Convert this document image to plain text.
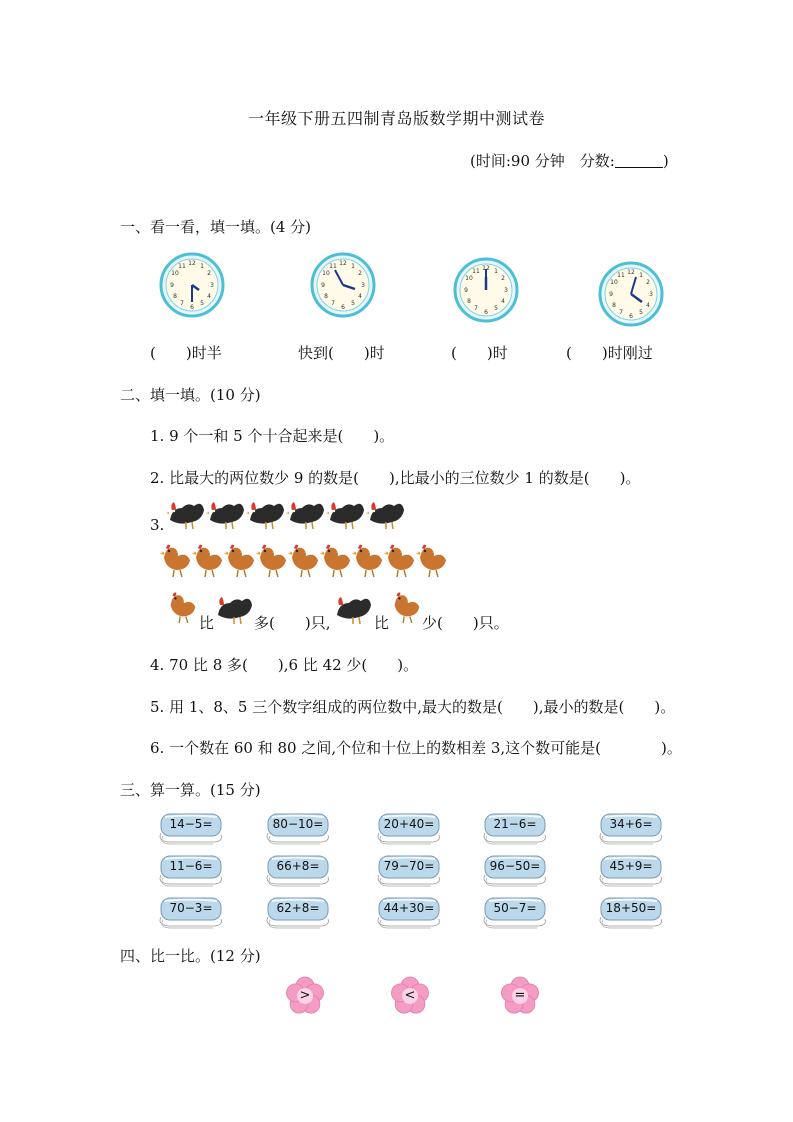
一年级下册五四制青岛版数学期中测试卷
(时间:90 分钟　分数:	)
一、看一看，填一填。(4 分)
12 1
2
3
4
5
6
7
8
9
10
11	12 1
2
3
4
5
6
7
8
9
10
11	12 1
2
3
4
5
6
7
8
9
10
11	12 1
2
3
4
5
6
7
8
9
10
11
(　　)时半	快到(　　)时	(　　)时	(　　)时刚过
二、填一填。(10 分)
1. 9 个一和 5 个十合起来是(　　)。
2. 比最大的两位数少 9 的数是(　　),比最小的三位数少 1 的数是(　　)。
3.
比	多(　　)只,	比 少(　　)只。
4. 70 比 8 多(　　),6 比 42 少(　　)。
5. 用 1、8、5 三个数字组成的两位数中,最大的数是(　　),最小的数是(　　)。
6. 一个数在 60 和 80 之间,个位和十位上的数相差 3,这个数可能是(　　　　)。
三、算一算。(15 分)
14−5=	80−10=	20+40=	21−6=	34+6=
11−6=	66+8=	79−70=	96−50=	45+9=
70−3=	62+8=	44+30=	50−7=	18+50=
四、比一比。(12 分)
>	<	=
